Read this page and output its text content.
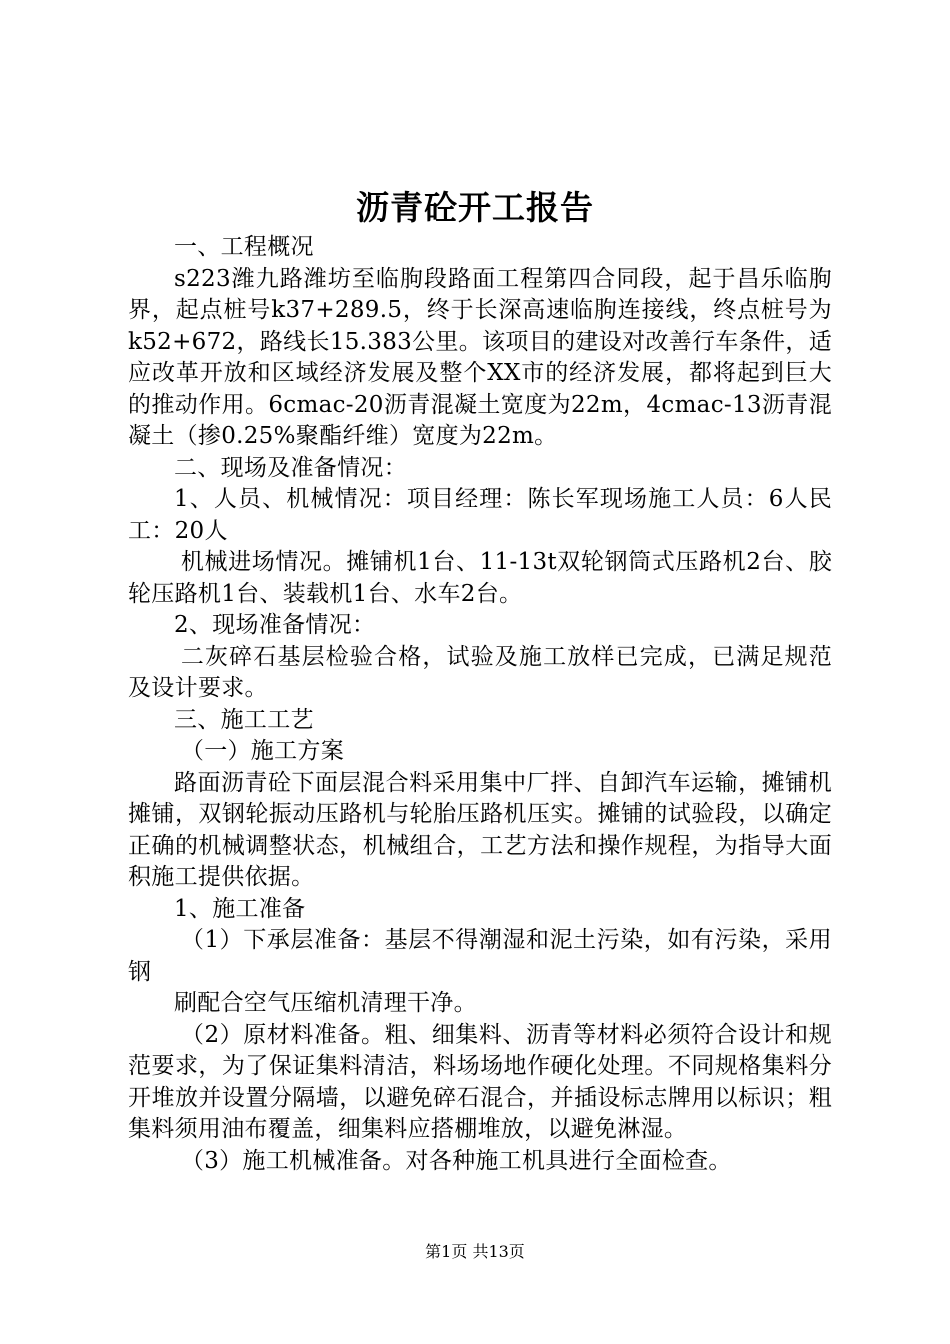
沥青砼开工报告

一、工程概况

s223潍九路潍坊至临朐段路面工程第四合同段，起于昌乐临朐界，起点桩号k37+289.5，终于长深高速临朐连接线，终点桩号为k52+672，路线长15.383公里。该项目的建设对改善行车条件，适应改革开放和区域经济发展及整个XX市的经济发展，都将起到巨大的推动作用。6cmac-20沥青混凝土宽度为22m，4cmac-13沥青混凝土（掺0.25%聚酯纤维）宽度为22m。

二、现场及准备情况：

1、人员、机械情况：项目经理：陈长军现场施工人员：6人民工：20人

机械进场情况。摊铺机1台、11-13t双轮钢筒式压路机2台、胶轮压路机1台、装载机1台、水车2台。

2、现场准备情况：

二灰碎石基层检验合格，试验及施工放样已完成，已满足规范及设计要求。

三、施工工艺

（一）施工方案

路面沥青砼下面层混合料采用集中厂拌、自卸汽车运输，摊铺机摊铺，双钢轮振动压路机与轮胎压路机压实。摊铺的试验段，以确定正确的机械调整状态，机械组合，工艺方法和操作规程，为指导大面积施工提供依据。

1、施工准备

（1）下承层准备：基层不得潮湿和泥土污染，如有污染，采用钢

刷配合空气压缩机清理干净。

（2）原材料准备。粗、细集料、沥青等材料必须符合设计和规范要求，为了保证集料清洁，料场场地作硬化处理。不同规格集料分开堆放并设置分隔墙，以避免碎石混合，并插设标志牌用以标识；粗集料须用油布覆盖，细集料应搭棚堆放，以避免淋湿。

（3）施工机械准备。对各种施工机具进行全面检查。

第1页 共13页
